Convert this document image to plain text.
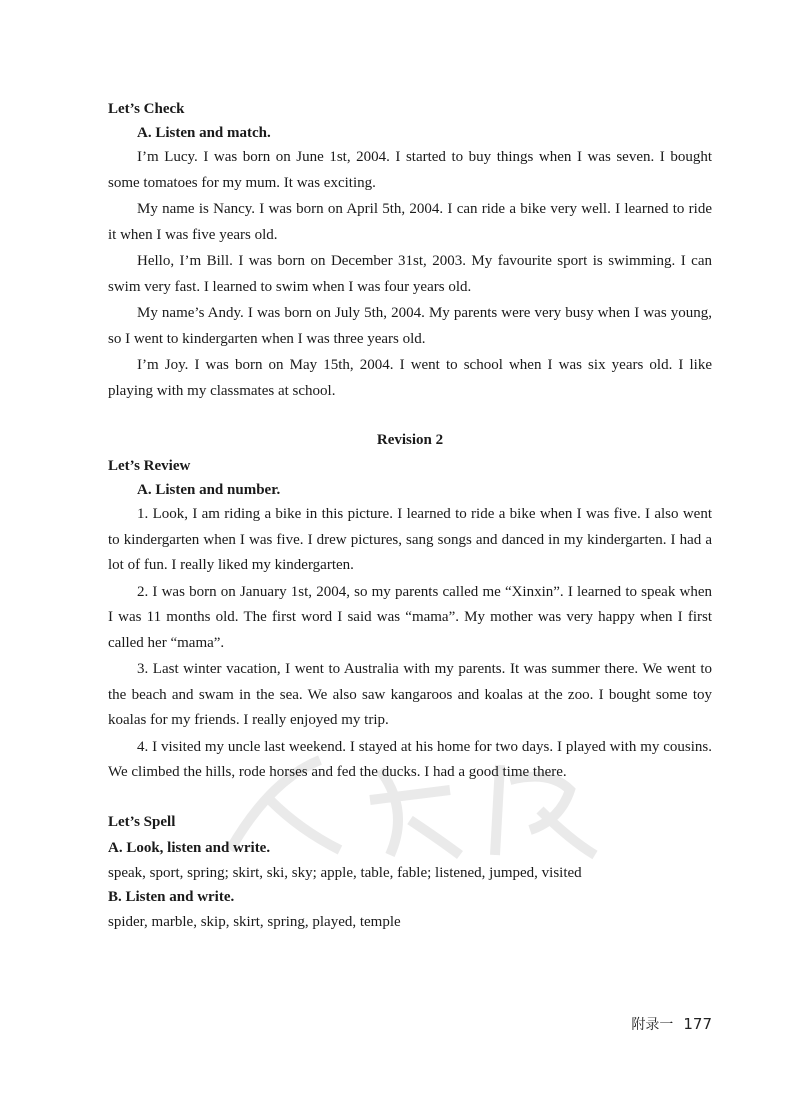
Let’s Check

A. Listen and match.

I’m Lucy. I was born on June 1st, 2004. I started to buy things when I was seven. I bought some tomatoes for my mum. It was exciting.

My name is Nancy. I was born on April 5th, 2004. I can ride a bike very well. I learned to ride it when I was five years old.

Hello, I’m Bill. I was born on December 31st, 2003. My favourite sport is swimming. I can swim very fast. I learned to swim when I was four years old.

My name’s Andy. I was born on July 5th, 2004. My parents were very busy when I was young, so I went to kindergarten when I was three years old.

I’m Joy. I was born on May 15th, 2004. I went to school when I was six years old. I like playing with my classmates at school.

Revision 2

Let’s Review

A. Listen and number.

1. Look, I am riding a bike in this picture. I learned to ride a bike when I was five. I also went to kindergarten when I was five. I drew pictures, sang songs and danced in my kindergarten. I had a lot of fun. I really liked my kindergarten.

2. I was born on January 1st, 2004, so my parents called me “Xinxin”. I learned to speak when I was 11 months old. The first word I said was “mama”. My mother was very happy when I first called her “mama”.

3. Last winter vacation, I went to Australia with my parents. It was summer there. We went to the beach and swam in the sea. We also saw kangaroos and koalas at the zoo. I bought some toy koalas for my friends. I really enjoyed my trip.

4. I visited my uncle last weekend. I stayed at his home for two days. I played with my cousins. We climbed the hills, rode horses and fed the ducks. I had a good time there.

Let’s Spell

A. Look, listen and write.

speak, sport, spring; skirt, ski, sky; apple, table, fable; listened, jumped, visited

B. Listen and write.

spider, marble, skip, skirt, spring, played, temple

附录一 177
